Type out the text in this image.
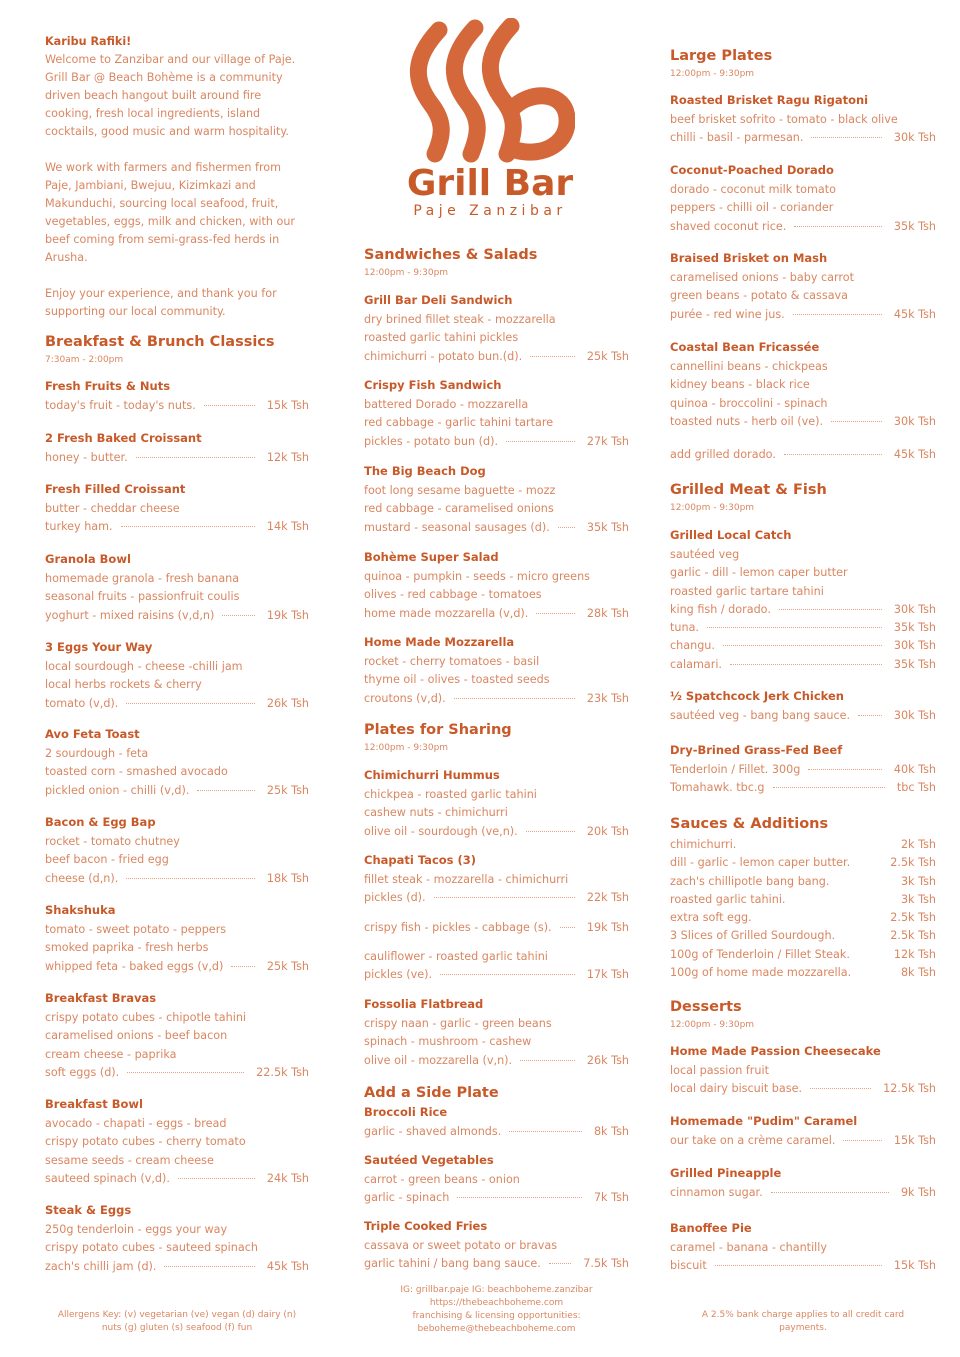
Karibu Rafiki!
Welcome to Zanzibar and our village of Paje.
Grill Bar @ Beach Bohème is a community
driven beach hangout built around fire
cooking, fresh local ingredients, island
cocktails, good music and warm hospitality.
We work with farmers and fishermen from
Paje, Jambiani, Bwejuu, Kizimkazi and
Makunduchi, sourcing local seafood, fruit,
vegetables, eggs, milk and chicken, with our
beef coming from semi-grass-fed herds in
Arusha.
Enjoy your experience, and thank you for
supporting our local community.
Breakfast & Brunch Classics
7:30am - 2:00pm
Fresh Fruits & Nuts
today's fruit - today's nuts.	15k Tsh
2 Fresh Baked Croissant
honey - butter.	12k Tsh
Fresh Filled Croissant
butter - cheddar cheese
turkey ham.	14k Tsh
Granola Bowl
homemade granola - fresh banana
seasonal fruits - passionfruit coulis
yoghurt - mixed raisins (v,d,n)	19k Tsh
3 Eggs Your Way
local sourdough - cheese -chilli jam
local herbs rockets & cherry
tomato (v,d).	26k Tsh
Avo Feta Toast
2 sourdough - feta
toasted corn - smashed avocado
pickled onion - chilli (v,d).	25k Tsh
Bacon & Egg Bap
rocket - tomato chutney
beef bacon - fried egg
cheese (d,n).	18k Tsh
Shakshuka
tomato - sweet potato - peppers
smoked paprika - fresh herbs
whipped feta - baked eggs (v,d)	25k Tsh
Breakfast Bravas
crispy potato cubes - chipotle tahini
caramelised onions - beef bacon
cream cheese - paprika
soft eggs (d).	22.5k Tsh
Breakfast Bowl
avocado - chapati - eggs - bread
crispy potato cubes - cherry tomato
sesame seeds - cream cheese
sauteed spinach (v,d).	24k Tsh
Steak & Eggs
250g tenderloin - eggs your way
crispy potato cubes - sauteed spinach
zach's chilli jam (d).	45k Tsh
Allergens Key: (v) vegetarian (ve) vegan (d) dairy (n)
nuts (g) gluten (s) seafood (f) fun
Grill Bar
Paje Zanzibar
Sandwiches & Salads
12:00pm - 9:30pm
Grill Bar Deli Sandwich
dry brined fillet steak - mozzarella
roasted garlic tahini pickles
chimichurri - potato bun.(d).	25k Tsh
Crispy Fish Sandwich
battered Dorado - mozzarella
red cabbage - garlic tahini tartare
pickles - potato bun (d).	27k Tsh
The Big Beach Dog
foot long sesame baguette - mozz
red cabbage - caramelised onions
mustard - seasonal sausages (d).	35k Tsh
Bohème Super Salad
quinoa - pumpkin - seeds - micro greens
olives - red cabbage - tomatoes
home made mozzarella (v,d).	28k Tsh
Home Made Mozzarella
rocket - cherry tomatoes - basil
thyme oil - olives - toasted seeds
croutons (v,d).	23k Tsh
Plates for Sharing
12:00pm - 9:30pm
Chimichurri Hummus
chickpea - roasted garlic tahini
cashew nuts - chimichurri
olive oil - sourdough (ve,n).	20k Tsh
Chapati Tacos (3)
fillet steak - mozzarella - chimichurri
pickles (d).	22k Tsh
crispy fish - pickles - cabbage (s).	19k Tsh
cauliflower - roasted garlic tahini
pickles (ve).	17k Tsh
Fossolia Flatbread
crispy naan - garlic - green beans
spinach - mushroom - cashew
olive oil - mozzarella (v,n).	26k Tsh
Add a Side Plate
Broccoli Rice
garlic - shaved almonds.	8k Tsh
Sautéed Vegetables
carrot - green beans - onion
garlic - spinach	7k Tsh
Triple Cooked Fries
cassava or sweet potato or bravas
garlic tahini / bang bang sauce.	7.5k Tsh
IG: grillbar.paje IG: beachboheme.zanzibar
https://thebeachboheme.com
franchising & licensing opportunities:
beboheme@thebeachboheme.com
Large Plates
12:00pm - 9:30pm
Roasted Brisket Ragu Rigatoni
beef brisket sofrito - tomato - black olive
chilli - basil - parmesan.	30k Tsh
Coconut-Poached Dorado
dorado - coconut milk tomato
peppers - chilli oil - coriander
shaved coconut rice.	35k Tsh
Braised Brisket on Mash
caramelised onions - baby carrot
green beans - potato & cassava
purée - red wine jus.	45k Tsh
Coastal Bean Fricassée
cannellini beans - chickpeas
kidney beans - black rice
quinoa - broccolini - spinach
toasted nuts - herb oil (ve).	30k Tsh
add grilled dorado.	45k Tsh
Grilled Meat & Fish
12:00pm - 9:30pm
Grilled Local Catch
sautéed veg
garlic - dill - lemon caper butter
roasted garlic tartare tahini
king fish / dorado.	30k Tsh
tuna.	35k Tsh
changu.	30k Tsh
calamari.	35k Tsh
½ Spatchcock Jerk Chicken
sautéed veg - bang bang sauce.	30k Tsh
Dry-Brined Grass-Fed Beef
Tenderloin / Fillet. 300g	40k Tsh
Tomahawk. tbc.g	tbc Tsh
Sauces & Additions
chimichurri.	2k Tsh
dill - garlic - lemon caper butter.	2.5k Tsh
zach's chillipotle bang bang.	3k Tsh
roasted garlic tahini.	3k Tsh
extra soft egg.	2.5k Tsh
3 Slices of Grilled Sourdough.	2.5k Tsh
100g of Tenderloin / Fillet Steak.	12k Tsh
100g of home made mozzarella.	8k Tsh
Desserts
12:00pm - 9:30pm
Home Made Passion Cheesecake
local passion fruit
local dairy biscuit base.	12.5k Tsh
Homemade "Pudim" Caramel
our take on a crème caramel.	15k Tsh
Grilled Pineapple
cinnamon sugar.	9k Tsh
Banoffee Pie
caramel - banana - chantilly
biscuit	15k Tsh
A 2.5% bank charge applies to all credit card
payments.
